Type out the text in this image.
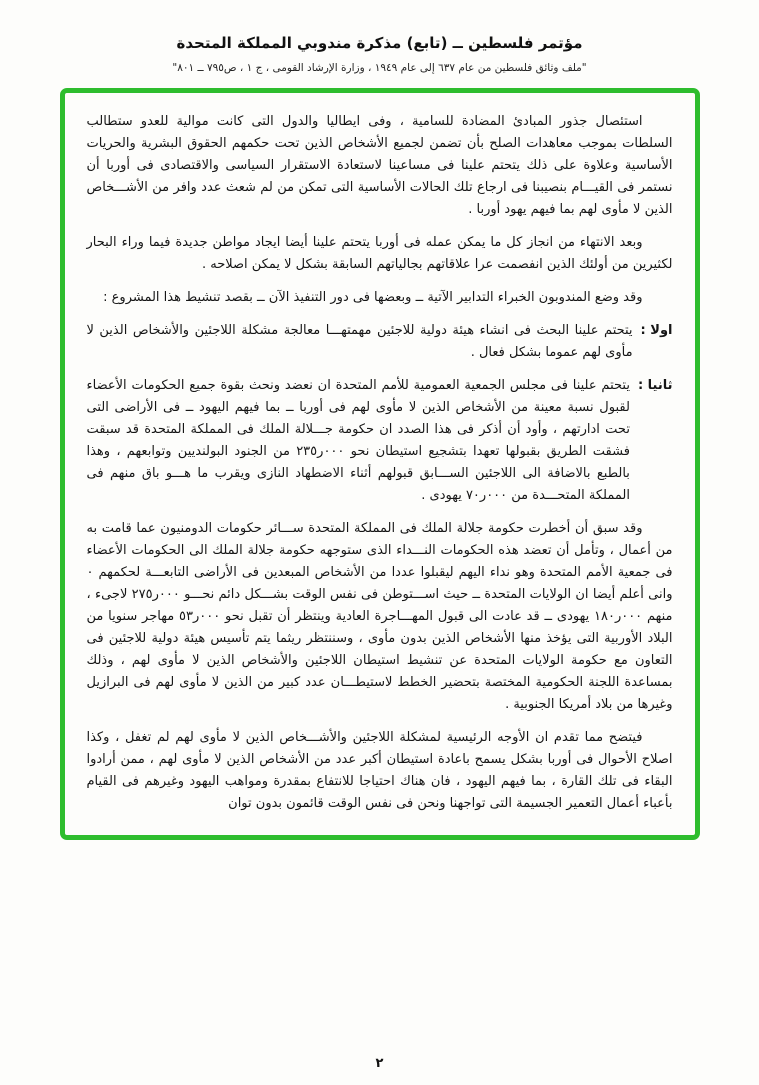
مؤتمر فلسطين ــ (تابع) مذكرة مندوبي المملكة المتحدة
"ملف وثائق فلسطين من عام ٦٣٧ إلى عام ١٩٤٩ ، وزارة الإرشاد القومى ، ج ١ ، ص٧٩٥ ــ ٨٠١"

استئصال جذور المبادئ المضادة للسامية ، وفى ايطاليا والدول التى كانت موالية للعدو ستطالب السلطات بموجب معاهدات الصلح بأن تضمن لجميع الأشخاص الذين تحت حكمهم الحقوق البشرية والحريات الأساسية وعلاوة على ذلك يتحتم علينا فى مساعينا لاستعادة الاستقرار السياسى والاقتصادى فى أوربا أن نستمر فى القيـــام بنصيبنا فى ارجاع تلك الحالات الأساسية التى تمكن من لم شعث عدد وافر من الأشـــخاص الذين لا مأوى لهم بما فيهم يهود أوربا .

وبعد الانتهاء من انجاز كل ما يمكن عمله فى أوربا يتحتم علينا أيضا ايجاد مواطن جديدة فيما وراء البحار لكثيرين من أولئك الذين انفصمت عرا علاقاتهم بجالياتهم السابقة بشكل لا يمكن اصلاحه .

وقد وضع المندوبون الخبراء التدابير الآتية ــ وبعضها فى دور التنفيذ الآن ــ بقصد تنشيط هذا المشروع :

اولا :
يتحتم علينا البحث فى انشاء هيئة دولية للاجئين مهمتهـــا معالجة مشكلة اللاجئين والأشخاص الذين لا مأوى لهم عموما بشكل فعال .
ثانيا :
يتحتم علينا فى مجلس الجمعية العمومية للأمم المتحدة ان نعضد ونحث بقوة جميع الحكومات الأعضاء لقبول نسبة معينة من الأشخاص الذين لا مأوى لهم فى أوربا ــ بما فيهم اليهود ــ فى الأراضى التى تحت ادارتهم ، وأود أن أذكر فى هذا الصدد ان حكومة جـــلالة الملك فى المملكة المتحدة قد سبقت فشقت الطريق بقبولها تعهدا بتشجيع استيطان نحو ٠٠٠ر٢٣٥ من الجنود البولنديين وتوابعهم ، وهذا بالطبع بالاضافة الى اللاجئين الســـابق قبولهم أثناء الاضطهاد النازى ويقرب ما هـــو باق منهم فى المملكة المتحـــدة من ٠٠٠ر٧٠ يهودى .

وقد سبق أن أخطرت حكومة جلالة الملك فى المملكة المتحدة ســـائر حكومات الدومنيون عما قامت به من أعمال ، وتأمل أن تعضد هذه الحكومات النـــداء الذى ستوجهه حكومة جلالة الملك الى الحكومات الأعضاء فى جمعية الأمم المتحدة وهو نداء اليهم ليقبلوا عددا من الأشخاص المبعدين فى الأراضى التابعـــة لحكمهم ٠ وانى أعلم أيضا ان الولايات المتحدة ــ حيث اســـتوطن فى نفس الوقت بشـــكل دائم نحـــو ٠٠٠ر٢٧٥ لاجىء ، منهم ٠٠٠ر١٨٠ يهودى ــ قد عادت الى قبول المهـــاجرة العادية وينتظر أن تقبل نحو ٠٠٠ر٥٣ مهاجر سنويا من البلاد الأوربية التى يؤخذ منها الأشخاص الذين بدون مأوى ، وسننتظر ريثما يتم تأسيس هيئة دولية للاجئين فى التعاون مع حكومة الولايات المتحدة عن تنشيط استيطان اللاجئين والأشخاص الذين لا مأوى لهم ، وذلك بمساعدة اللجنة الحكومية المختصة بتحضير الخطط لاستيطـــان عدد كبير من الذين لا مأوى لهم فى البرازيل وغيرها من بلاد أمريكا الجنوبية .

فيتضح مما تقدم ان الأوجه الرئيسية لمشكلة اللاجئين والأشـــخاص الذين لا مأوى لهم لم تغفل ، وكذا اصلاح الأحوال فى أوربا بشكل يسمح باعادة استيطان أكبر عدد من الأشخاص الذين لا مأوى لهم ، ممن أرادوا البقاء فى تلك القارة ، بما فيهم اليهود ، فان هناك احتياجا للانتفاع بمقدرة ومواهب اليهود وغيرهم فى القيام بأعباء أعمال التعمير الجسيمة التى تواجهنا ونحن فى نفس الوقت قائمون بدون توان

٢
